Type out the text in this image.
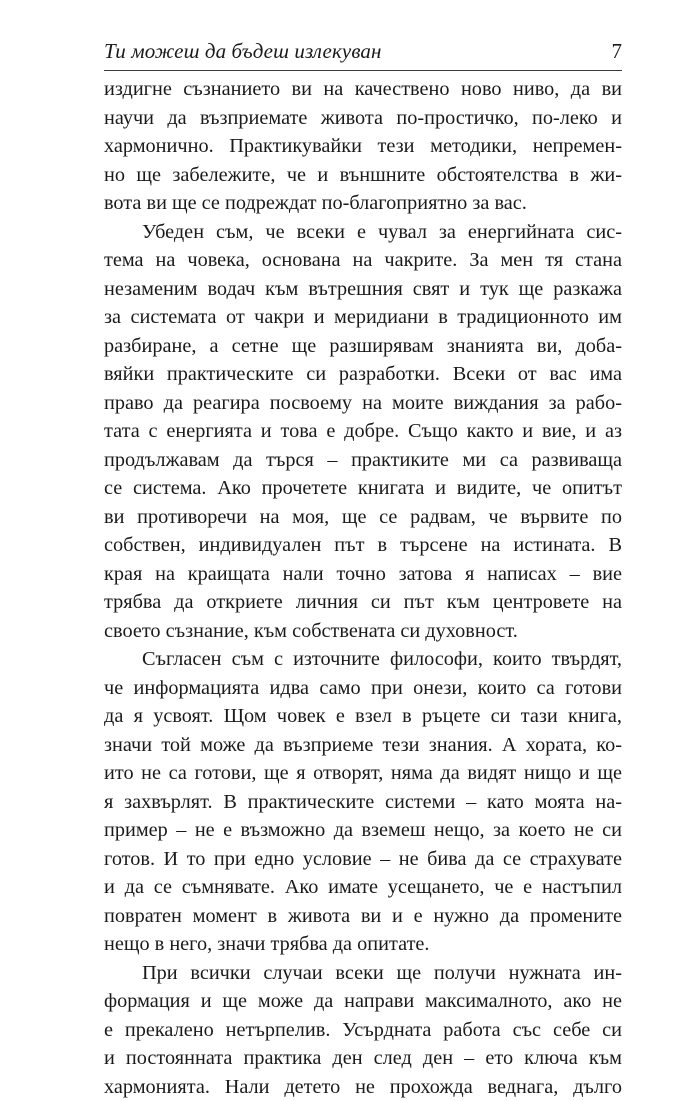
Ти можеш да бъдеш излекуван	7

издигне съзнанието ви на качествено ново ниво, да ви
научи да възприемате живота по-простичко, по-леко и
хармонично. Практикувайки тези методики, непремен-
но ще забележите, че и външните обстоятелства в жи-
вота ви ще се подреждат по-благоприятно за вас.

Убеден съм, че всеки е чувал за енергийната сис-
тема на човека, основана на чакрите. За мен тя стана
незаменим водач към вътрешния свят и тук ще разкажа
за системата от чакри и меридиани в традиционното им
разбиране, а сетне ще разширявам знанията ви, доба-
вяйки практическите си разработки. Всеки от вас има
право да реагира посвоему на моите виждания за рабо-
тата с енергията и това е добре. Също както и вие, и аз
продължавам да търся – практиките ми са развиваща
се система. Ако прочетете книгата и видите, че опитът
ви противоречи на моя, ще се радвам, че вървите по
собствен, индивидуален път в търсене на истината. В
края на краищата нали точно затова я написах – вие
трябва да откриете личния си път към центровете на
своето съзнание, към собствената си духовност.

Съгласен съм с източните философи, които твърдят,
че информацията идва само при онези, които са готови
да я усвоят. Щом човек е взел в ръцете си тази книга,
значи той може да възприеме тези знания. А хората, ко-
ито не са готови, ще я отворят, няма да видят нищо и ще
я захвърлят. В практическите системи – като моята на-
пример – не е възможно да вземеш нещо, за което не си
готов. И то при едно условие – не бива да се страхувате
и да се съмнявате. Ако имате усещането, че е настъпил
повратен момент в живота ви и е нужно да промените
нещо в него, значи трябва да опитате.

При всички случаи всеки ще получи нужната ин-
формация и ще може да направи максималното, ако не
е прекалено нетърпелив. Усърдната работа със себе си
и постоянната практика ден след ден – ето ключа към
хармонията. Нали детето не прохожда веднага, дълго
